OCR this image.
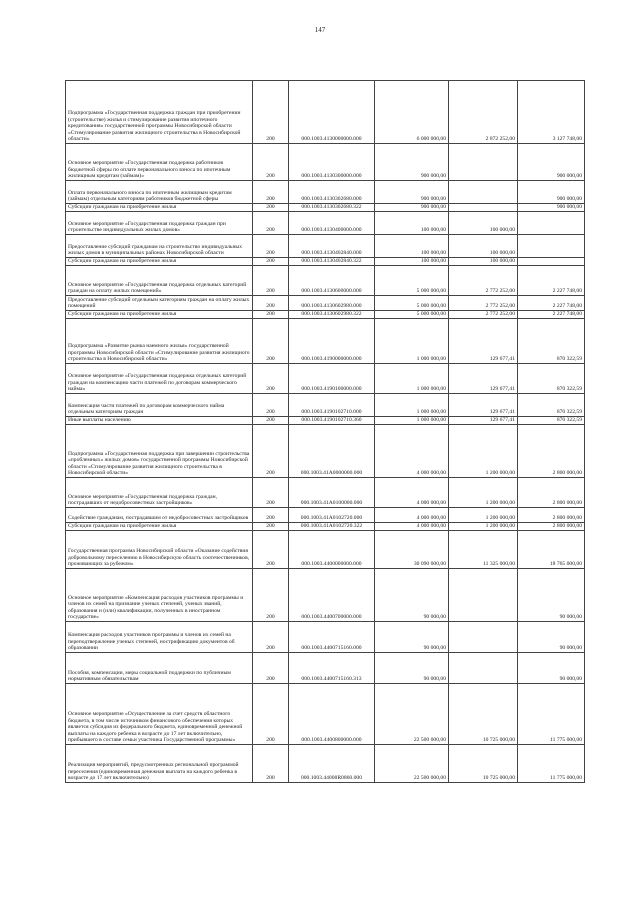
147
Подпрограмма «Государственная поддержка граждан при приобретении (строительстве) жилья и стимулирование развития ипотечного кредитования» государственной программы Новосибирской области «Стимулирование развития жилищного строительства в Новосибирской области»	200	000.1003.4130000000.000	6 000 000,00	2 872 252,00	3 127 748,00
Основное мероприятие «Государственная поддержка работников бюджетной сферы по оплате первоначального взноса по ипотечным жилищным кредитам (займам)»	200	000.1003.4130300000.000	900 000,00		900 000,00
Оплата первоначального взноса по ипотечным жилищным кредитам (займам) отдельным категориям работников бюджетной сферы	200	000.1003.4130302680.000	900 000,00		900 000,00
Субсидии гражданам на приобретение жилья	200	000.1003.4130302680.322	900 000,00		900 000,00
Основное мероприятие «Государственная поддержка граждан при строительстве индивидуальных жилых домов»	200	000.1003.4130400000.000	100 000,00	100 000,00	
Предоставление субсидий гражданам на строительство индивидуальных жилых домов в муниципальных районах Новосибирской области	200	000.1003.4130402840.000	100 000,00	100 000,00	
Субсидии гражданам на приобретение жилья	200	000.1003.4130402840.322	100 000,00	100 000,00	
Основное мероприятие «Государственная поддержка отдельных категорий граждан на оплату жилых помещений»	200	000.1003.4130600000.000	5 000 000,00	2 772 252,00	2 227 748,00
Предоставление субсидий отдельным категориям граждан на оплату жилых помещений	200	000.1003.4130602980.000	5 000 000,00	2 772 252,00	2 227 748,00
Субсидии гражданам на приобретение жилья	200	000.1003.4130602980.322	5 000 000,00	2 772 252,00	2 227 748,00
Подпрограмма «Развитие рынка наемного жилья» государственной программы Новосибирской области «Стимулирование развития жилищного строительства в Новосибирской области»	200	000.1003.4190000000.000	1 000 000,00	129 677,41	870 322,59
Основное мероприятие «Государственная поддержка отдельных категорий граждан на компенсацию части платежей по договорам коммерческого найма»	200	000.1003.4190100000.000	1 000 000,00	129 677,41	870 322,59
Компенсация части платежей по договорам коммерческого найма отдельным категориям граждан	200	000.1003.4190102710.000	1 000 000,00	129 677,41	870 322,59
Иные выплаты населению	200	000.1003.4190102710.360	1 000 000,00	129 677,41	870 322,59
Подпрограмма «Государственная поддержка при завершении строительства «проблемных» жилых домов» государственной программы Новосибирской области «Стимулирование развития жилищного строительства в Новосибирской области»	200	000.1003.41A0000000.000	4 000 000,00	1 200 000,00	2 800 000,00
Основное мероприятие «Государственная поддержка граждан, пострадавших от недобросовестных застройщиков»	200	000.1003.41A0100000.000	4 000 000,00	1 200 000,00	2 800 000,00
Содействие гражданам, пострадавшим от недобросовестных застройщиков	200	000.1003.41A0102720.000	4 000 000,00	1 200 000,00	2 800 000,00
Субсидии гражданам на приобретение жилья	200	000.1003.41A0102720.322	4 000 000,00	1 200 000,00	2 800 000,00
Государственная программа Новосибирской области «Оказание содействия добровольному переселению в Новосибирскую область соотечественников, проживающих за рубежом»	200	000.1003.4400000000.000	30 090 000,00	11 325 000,00	18 765 000,00
Основное мероприятие «Компенсация расходов участников программы и членов их семей на признание ученых степеней, ученых званий, образования и (или) квалификации, полученных в иностранном государстве»	200	000.1003.4400700000.000	90 000,00		90 000,00
Компенсация расходов участников программы и членов их семей на переподтвержление ученых степеней, нострификацию документов об образовании	200	000.1003.4400715160.000	90 000,00		90 000,00
Пособия, компенсации, меры социальной поддержки по публичным нормативным обязательствам	200	000.1003.4400715160.313	90 000,00		90 000,00
Основное мероприятие «Осуществление за счет средств областного бюджета, в том числе источником финансового обеспечения которых является субсидия из федерального бюджета, единовременной денежной выплаты на каждого ребенка в возрасте до 17 лет включительно, прибывшего в составе семьи участника Государственной программы»	200	000.1003.4400800000.000	22 500 000,00	10 725 000,00	11 775 000,00
Реализация мероприятий, предусмотренных региональной программой переселения (единовременная денежная выплата на каждого ребенка в возрасте до 17 лет включительно)	200	000.1003.44008R0860.000	22 500 000,00	10 725 000,00	11 775 000,00
